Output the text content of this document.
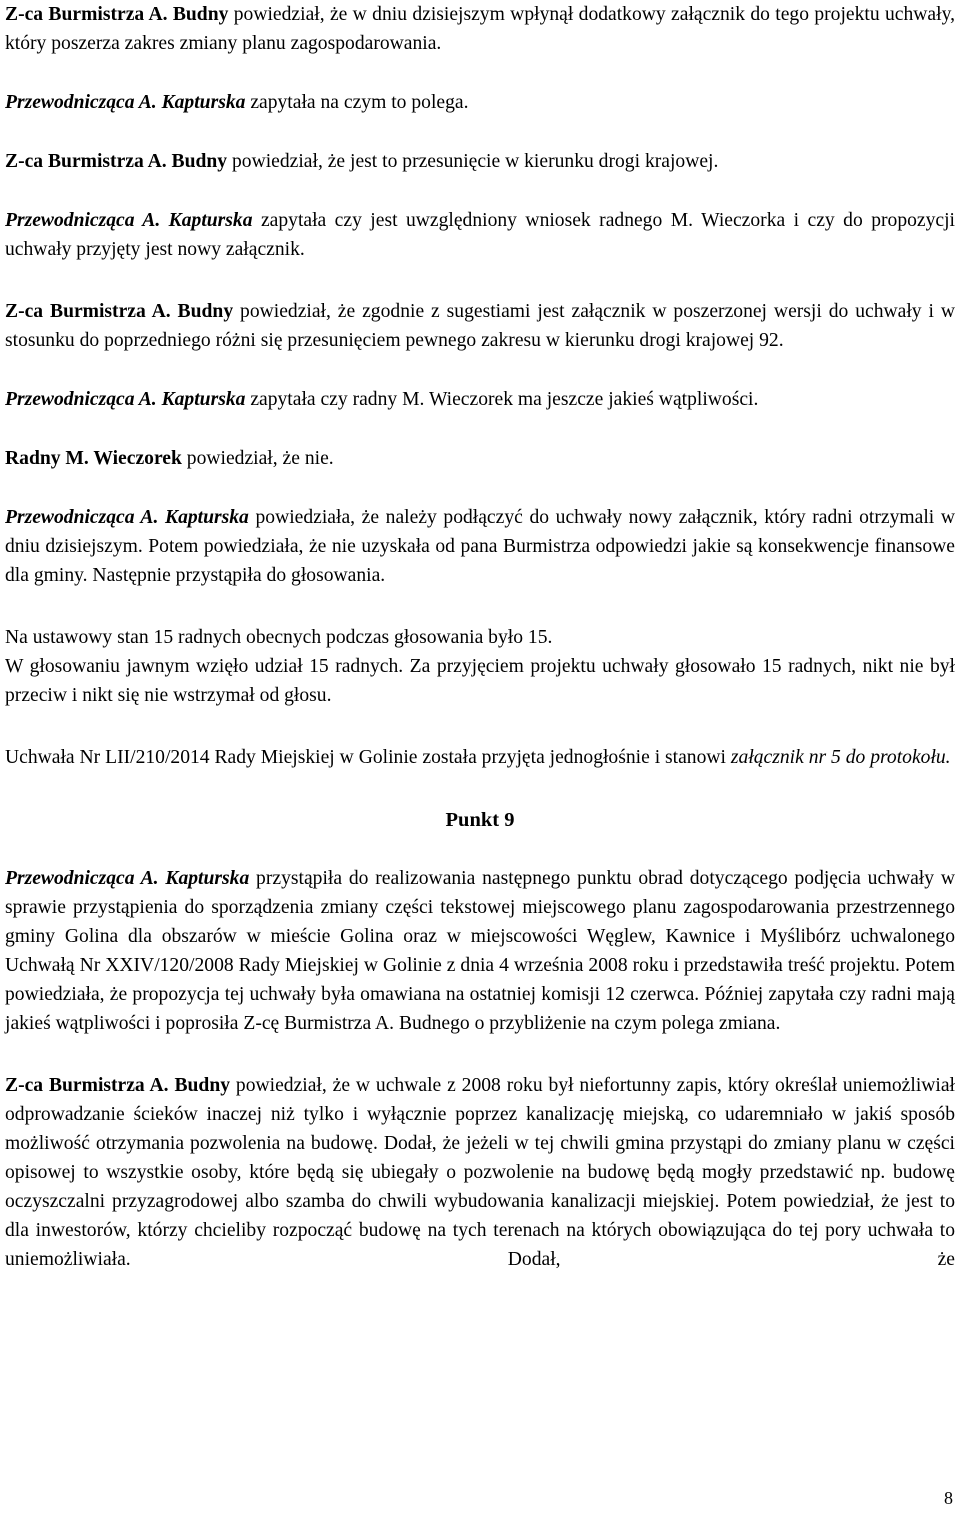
Z-ca Burmistrza A. Budny powiedział, że w dniu dzisiejszym wpłynął dodatkowy załącznik do tego projektu uchwały, który poszerza zakres zmiany planu zagospodarowania.

Przewodnicząca A. Kapturska zapytała na czym to polega.

Z-ca Burmistrza A. Budny powiedział, że jest to przesunięcie w kierunku drogi krajowej.

Przewodnicząca A. Kapturska zapytała czy jest uwzględniony wniosek radnego M. Wieczorka i czy do propozycji uchwały przyjęty jest nowy załącznik.

Z-ca Burmistrza A. Budny powiedział, że zgodnie z sugestiami jest załącznik w poszerzonej wersji do uchwały i w stosunku do poprzedniego różni się przesunięciem pewnego zakresu w kierunku drogi krajowej 92.

Przewodnicząca A. Kapturska zapytała czy radny M. Wieczorek ma jeszcze jakieś wątpliwości.

Radny M. Wieczorek powiedział, że nie.

Przewodnicząca A. Kapturska powiedziała, że należy podłączyć do uchwały nowy załącznik, który radni otrzymali w dniu dzisiejszym. Potem powiedziała, że nie uzyskała od pana Burmistrza odpowiedzi jakie są konsekwencje finansowe dla gminy. Następnie przystąpiła do głosowania.

Na ustawowy stan 15 radnych obecnych podczas głosowania było 15.

W głosowaniu jawnym wzięło udział 15 radnych. Za przyjęciem projektu uchwały głosowało 15 radnych, nikt nie był przeciw i nikt się nie wstrzymał od głosu.

Uchwała Nr LII/210/2014 Rady Miejskiej w Golinie została przyjęta jednogłośnie i stanowi załącznik nr 5 do protokołu.

Punkt 9

Przewodnicząca A. Kapturska przystąpiła do realizowania następnego punktu obrad dotyczącego podjęcia uchwały w sprawie przystąpienia do sporządzenia zmiany części tekstowej miejscowego planu zagospodarowania przestrzennego gminy Golina dla obszarów w mieście Golina oraz w miejscowości Węglew, Kawnice i Myślibórz uchwalonego Uchwałą Nr XXIV/120/2008 Rady Miejskiej w Golinie z dnia 4 września 2008 roku i przedstawiła treść projektu. Potem powiedziała, że propozycja tej uchwały była omawiana na ostatniej komisji 12 czerwca. Później zapytała czy radni mają jakieś wątpliwości i poprosiła Z-cę Burmistrza A. Budnego o przybliżenie na czym polega zmiana.

Z-ca Burmistrza A. Budny powiedział, że w uchwale z 2008 roku był niefortunny zapis, który określał uniemożliwiał odprowadzanie ścieków inaczej niż tylko i wyłącznie poprzez kanalizację miejską, co udaremniało w jakiś sposób możliwość otrzymania pozwolenia na budowę. Dodał, że jeżeli w tej chwili gmina przystąpi do zmiany planu w części opisowej to wszystkie osoby, które będą się ubiegały o pozwolenie na budowę będą mogły przedstawić np. budowę oczyszczalni przyzagrodowej albo szamba do chwili wybudowania kanalizacji miejskiej. Potem powiedział, że jest to dla inwestorów, którzy chcieliby rozpocząć budowę na tych terenach na których obowiązująca do tej pory uchwała to uniemożliwiała. Dodał, że

8
